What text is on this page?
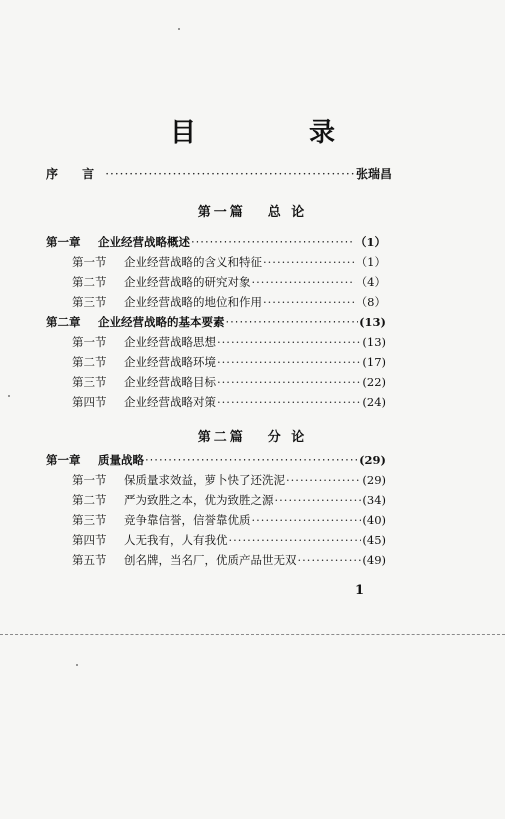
目 录
序 言 ·····	张瑞昌
第一篇 总 论
第一章	企业经营战略概述 ·····	（1）
第一节	企业经营战略的含义和特征 ·····	（1）
第二节	企业经营战略的研究对象 ·····	（4）
第三节	企业经营战略的地位和作用 ·····	（8）
第二章	企业经营战略的基本要素 ·····	(13)
第一节	企业经营战略思想 ·····	(13)
第二节	企业经营战略环境 ·····	(17)
第三节	企业经营战略目标 ·····	(22)
第四节	企业经营战略对策 ·····	(24)
第二篇 分 论
第一章	质量战略 ·····	(29)
第一节	保质量求效益，萝卜快了还洗泥 ·····	(29)
第二节	严为致胜之本，优为致胜之源 ·····	(34)
第三节	竞争靠信誉，信誉靠优质 ·····	(40)
第四节	人无我有，人有我优 ·····	(45)
第五节	创名牌，当名厂，优质产品世无双 ·····	(49)
1
